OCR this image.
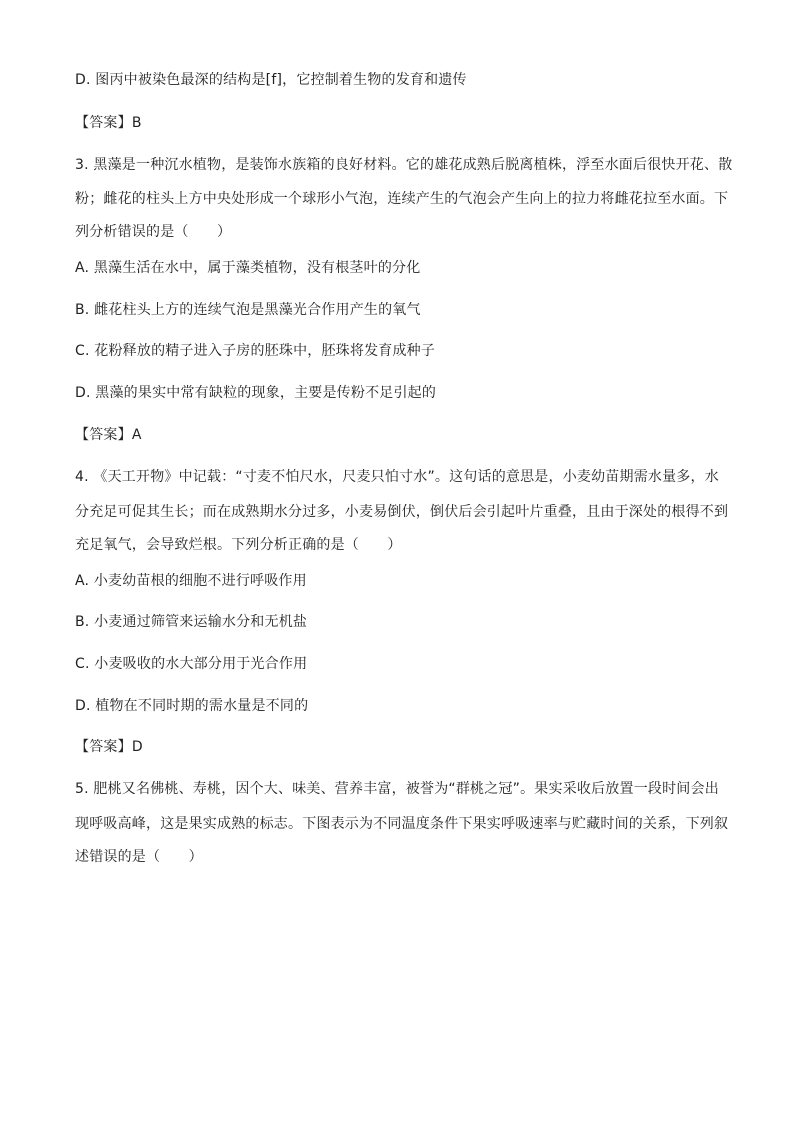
D. 图丙中被染色最深的结构是[f]，它控制着生物的发育和遗传
【答案】B
3. 黑藻是一种沉水植物，是装饰水族箱的良好材料。它的雄花成熟后脱离植株，浮至水面后很快开花、散
粉；雌花的柱头上方中央处形成一个球形小气泡，连续产生的气泡会产生向上的拉力将雌花拉至水面。下
列分析错误的是（　　）
A. 黑藻生活在水中，属于藻类植物，没有根茎叶的分化
B. 雌花柱头上方的连续气泡是黑藻光合作用产生的氧气
C. 花粉释放的精子进入子房的胚珠中，胚珠将发育成种子
D. 黑藻的果实中常有缺粒的现象，主要是传粉不足引起的
【答案】A
4. 《天工开物》中记载：“寸麦不怕尺水，尺麦只怕寸水”。这句话的意思是，小麦幼苗期需水量多，水
分充足可促其生长；而在成熟期水分过多，小麦易倒伏，倒伏后会引起叶片重叠，且由于深处的根得不到
充足氧气，会导致烂根。下列分析正确的是（　　）
A. 小麦幼苗根的细胞不进行呼吸作用
B. 小麦通过筛管来运输水分和无机盐
C. 小麦吸收的水大部分用于光合作用
D. 植物在不同时期的需水量是不同的
【答案】D
5. 肥桃又名佛桃、寿桃，因个大、味美、营养丰富，被誉为“群桃之冠”。果实采收后放置一段时间会出
现呼吸高峰，这是果实成熟的标志。下图表示为不同温度条件下果实呼吸速率与贮藏时间的关系，下列叙
述错误的是（　　）
